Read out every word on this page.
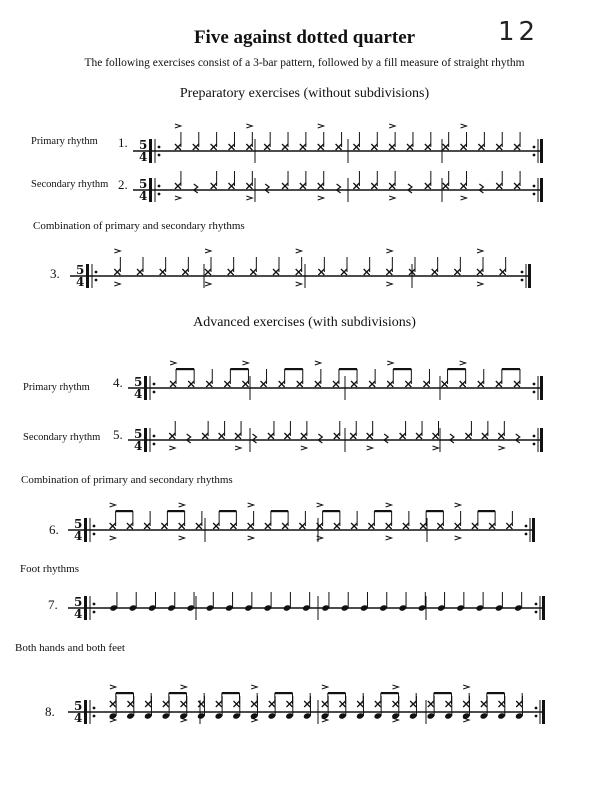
Five against dotted quarter	12
The following exercises consist of a 3-bar pattern, followed by a fill measure of straight rhythm
Preparatory exercises (without subdivisions)
Advanced exercises (with subdivisions)
Primary rhythm
Secondary rhythm
Combination of primary and secondary rhythms
Primary rhythm
Secondary rhythm
Combination of primary and secondary rhythms
Foot rhythms
Both hands and both feet
1.
2.
3.
4.
5.
6.
7.
8.
5
4
5
4
5
4
5
4
5
4
5
4
5
4
5
4
